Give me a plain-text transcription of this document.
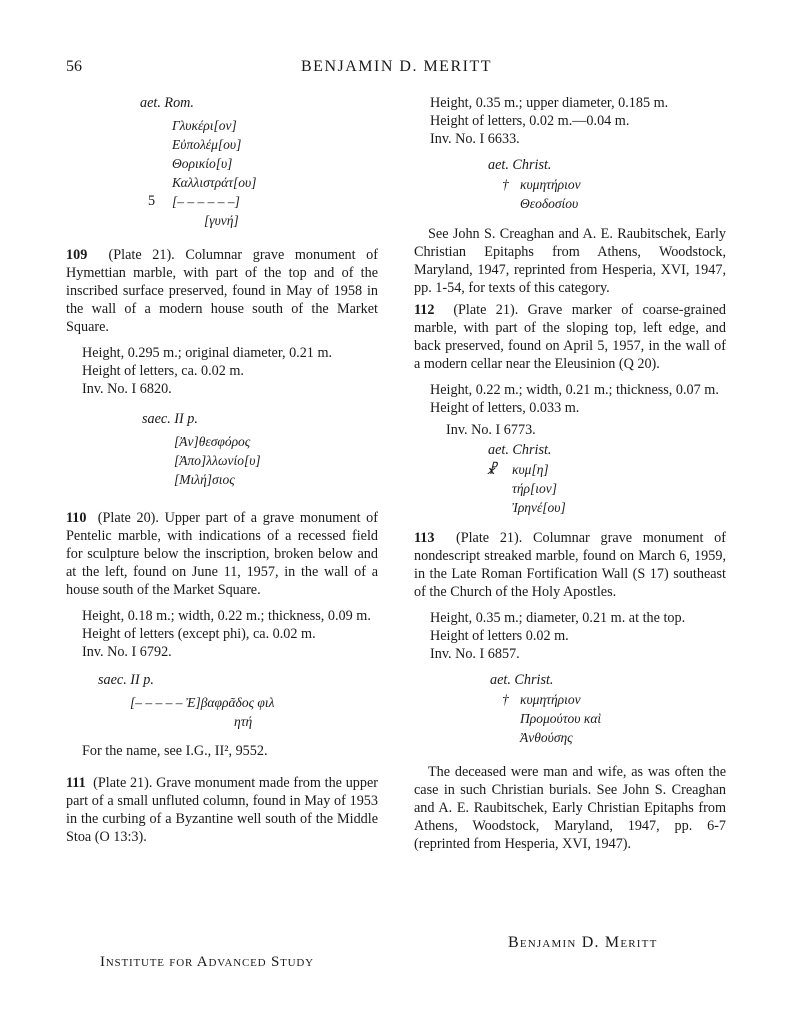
56	BENJAMIN D. MERITT
aet. Rom.
Γλυκέρι[ον]
Εὐπολέμ[ου]
Θορικίο[υ]
Καλλιστράτ[ου]
5 [– – – – – –]
[γυνή]

109 (Plate 21). Columnar grave monument of Hymettian marble, with part of the top and of the inscribed surface preserved, found in May of 1958 in the wall of a modern house south of the Market Square.

Height, 0.295 m.; original diameter, 0.21 m.
Height of letters, ca. 0.02 m.
Inv. No. I 6820.
saec. II p.
[Ἀν]θεσφόρος
[Ἀπο]λλωνίο[υ]
[Μιλή]σιος

110 (Plate 20). Upper part of a grave monument of Pentelic marble, with indications of a recessed field for sculpture below the inscription, broken below and at the left, found on June 11, 1957, in the wall of a house south of the Market Square.

Height, 0.18 m.; width, 0.22 m.; thickness, 0.09 m.
Height of letters (except phi), ca. 0.02 m.
Inv. No. I 6792.
saec. II p.
[– – – – – Ἐ]βαφρᾶδος φιλ
ητή
For the name, see I.G., II², 9552.

111 (Plate 21). Grave monument made from the upper part of a small unfluted column, found in May of 1953 in the curbing of a Byzantine well south of the Middle Stoa (O 13:3).

Institute for Advanced Study
Height, 0.35 m.; upper diameter, 0.185 m.
Height of letters, 0.02 m.—0.04 m.
Inv. No. I 6633.
aet. Christ.
† κυμητήριον
Θεοδοσίου

See John S. Creaghan and A. E. Raubitschek, Early Christian Epitaphs from Athens, Woodstock, Maryland, 1947, reprinted from Hesperia, XVI, 1947, pp. 1-54, for texts of this category.

112 (Plate 21). Grave marker of coarse-grained marble, with part of the sloping top, left edge, and back preserved, found on April 5, 1957, in the wall of a modern cellar near the Eleusinion (Q 20).

Height, 0.22 m.; width, 0.21 m.; thickness, 0.07 m.
Height of letters, 0.033 m.
Inv. No. I 6773.
aet. Christ.
☧ κυμ[η]
τήρ[ιον]
Ἰρηνέ[ου]

113 (Plate 21). Columnar grave monument of nondescript streaked marble, found on March 6, 1959, in the Late Roman Fortification Wall (S 17) southeast of the Church of the Holy Apostles.

Height, 0.35 m.; diameter, 0.21 m. at the top.
Height of letters 0.02 m.
Inv. No. I 6857.
aet. Christ.
† κυμητήριον
Προμούτου καὶ
Ἀνθούσης

The deceased were man and wife, as was often the case in such Christian burials. See John S. Creaghan and A. E. Raubitschek, Early Christian Epitaphs from Athens, Woodstock, Maryland, 1947, pp. 6-7 (reprinted from Hesperia, XVI, 1947).

Benjamin D. Meritt
